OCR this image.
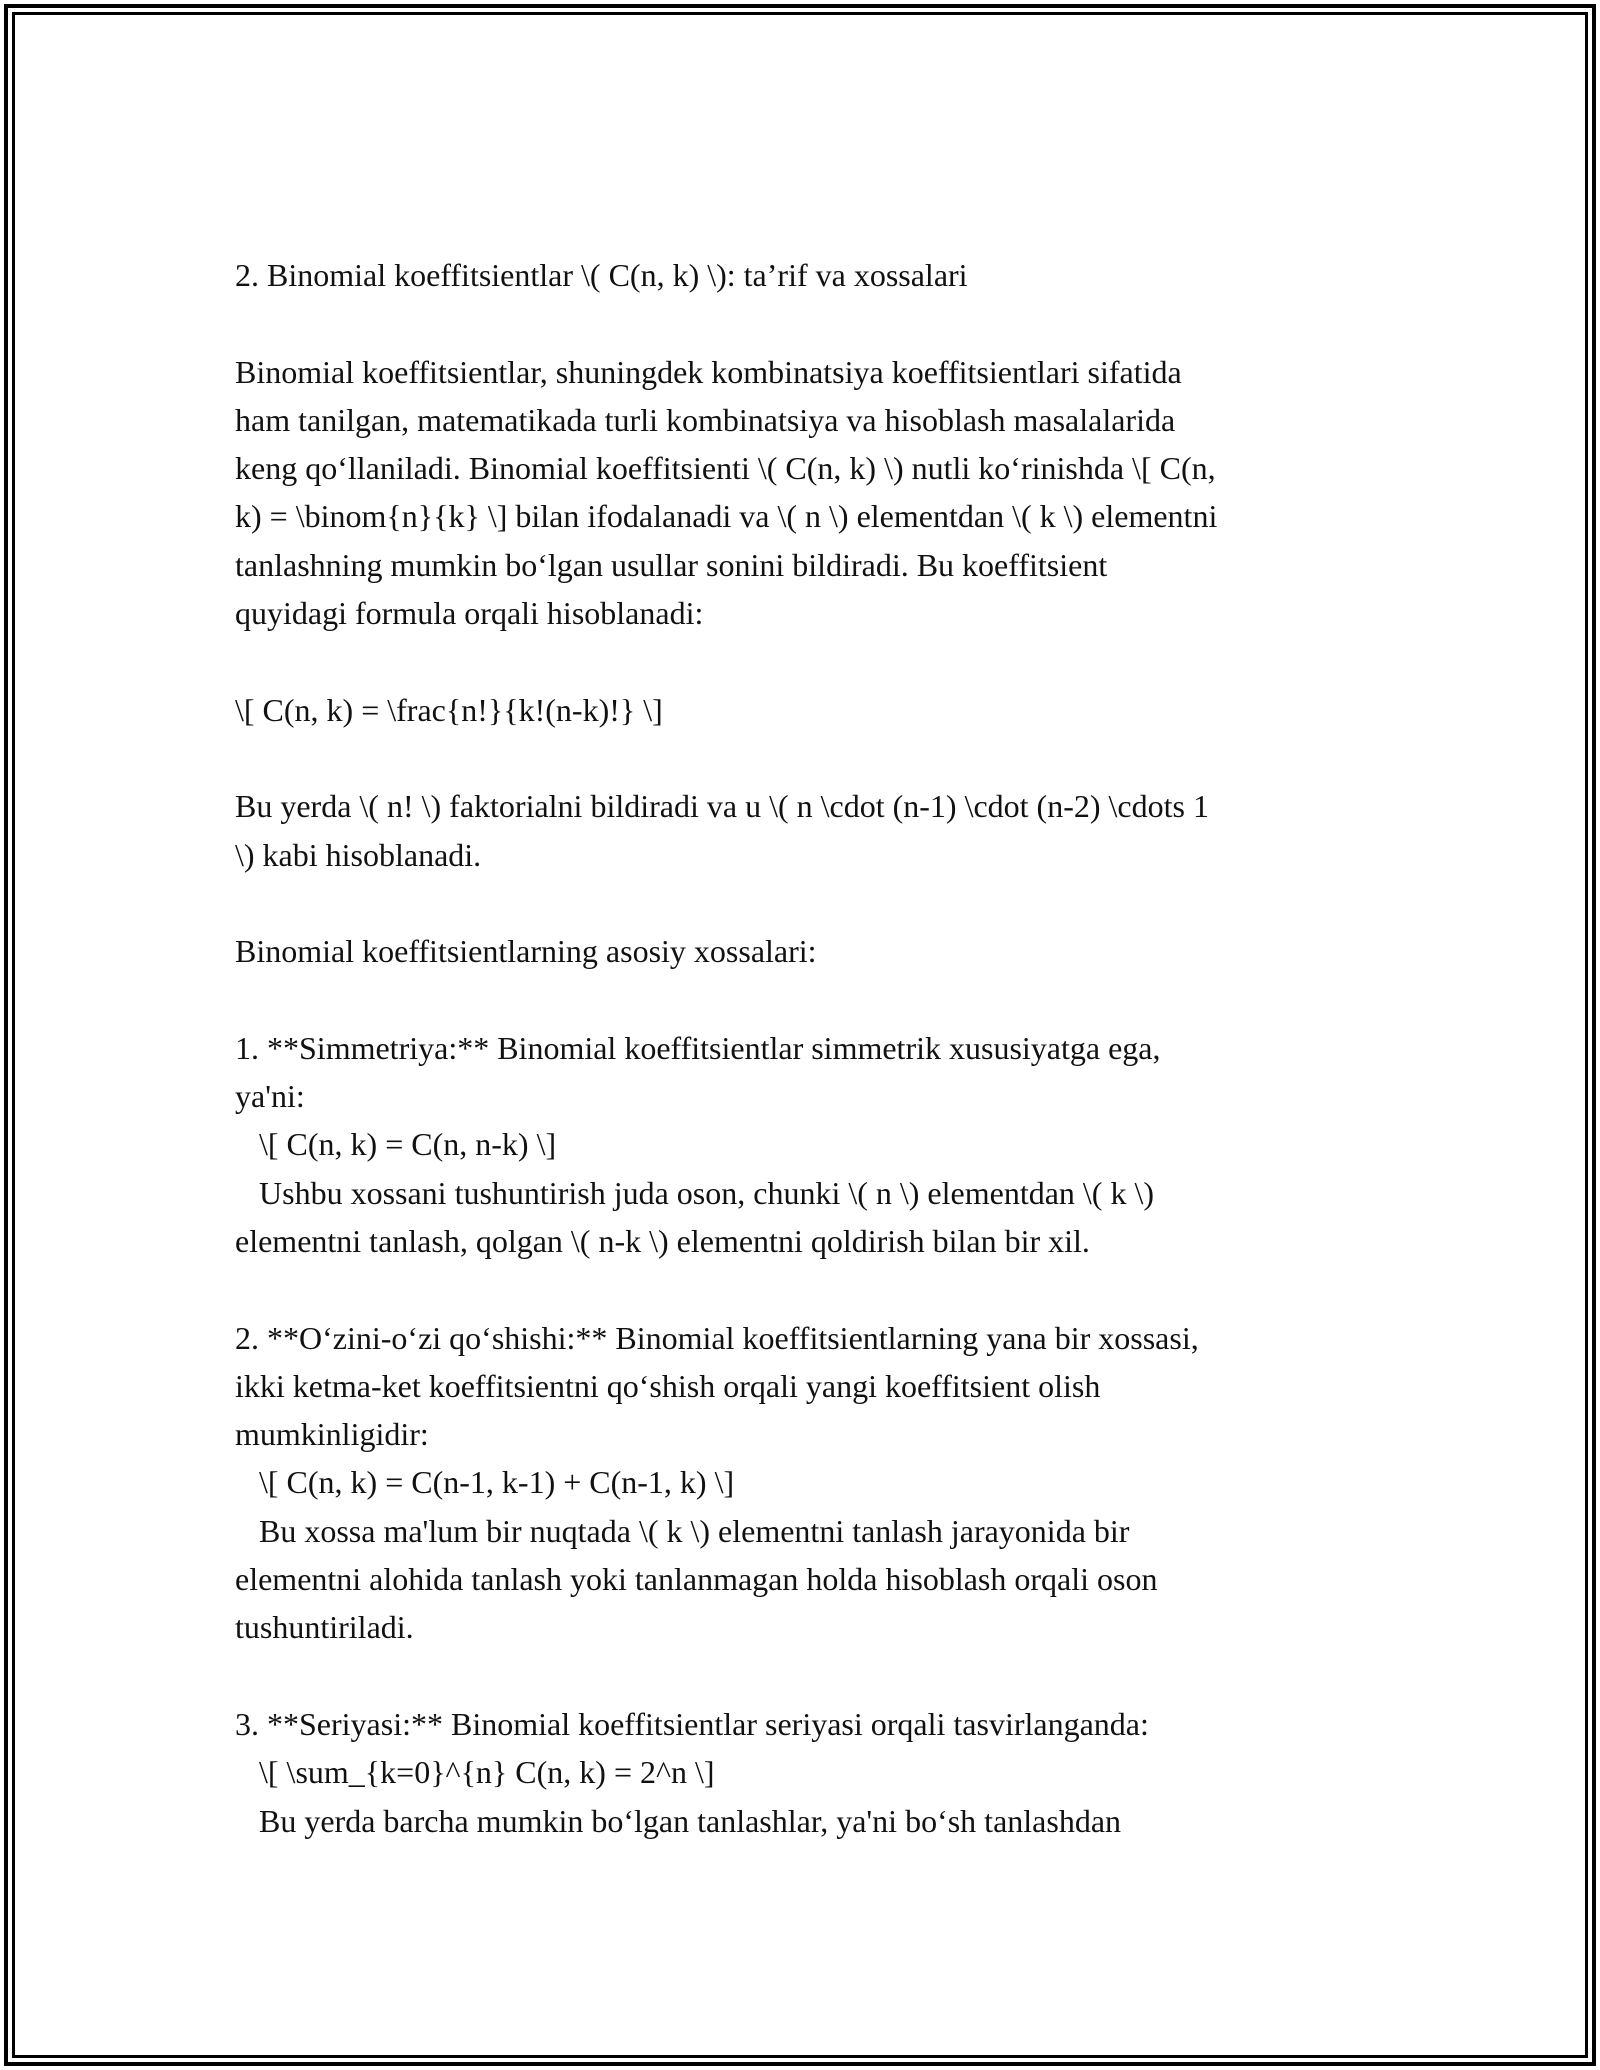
2. Binomial koeffitsientlar \( C(n, k) \): ta’rif va xossalari

Binomial koeffitsientlar, shuningdek kombinatsiya koeffitsientlari sifatida

ham tanilgan, matematikada turli kombinatsiya va hisoblash masalalarida

keng qo‘llaniladi. Binomial koeffitsienti \( C(n, k) \) nutli ko‘rinishda \[ C(n,

k) = \binom{n}{k} \] bilan ifodalanadi va \( n \) elementdan \( k \) elementni

tanlashning mumkin bo‘lgan usullar sonini bildiradi. Bu koeffitsient

quyidagi formula orqali hisoblanadi:

\[ C(n, k) = \frac{n!}{k!(n-k)!} \]

Bu yerda \( n! \) faktorialni bildiradi va u \( n \cdot (n-1) \cdot (n-2) \cdots 1

\) kabi hisoblanadi.

Binomial koeffitsientlarning asosiy xossalari:

1. **Simmetriya:** Binomial koeffitsientlar simmetrik xususiyatga ega,

ya'ni:

\[ C(n, k) = C(n, n-k) \]

Ushbu xossani tushuntirish juda oson, chunki \( n \) elementdan \( k \)

elementni tanlash, qolgan \( n-k \) elementni qoldirish bilan bir xil.

2. **O‘zini-o‘zi qo‘shishi:** Binomial koeffitsientlarning yana bir xossasi,

ikki ketma-ket koeffitsientni qo‘shish orqali yangi koeffitsient olish

mumkinligidir:

\[ C(n, k) = C(n-1, k-1) + C(n-1, k) \]

Bu xossa ma'lum bir nuqtada \( k \) elementni tanlash jarayonida bir

elementni alohida tanlash yoki tanlanmagan holda hisoblash orqali oson

tushuntiriladi.

3. **Seriyasi:** Binomial koeffitsientlar seriyasi orqali tasvirlanganda:

\[ \sum_{k=0}^{n} C(n, k) = 2^n \]

Bu yerda barcha mumkin bo‘lgan tanlashlar, ya'ni bo‘sh tanlashdan
